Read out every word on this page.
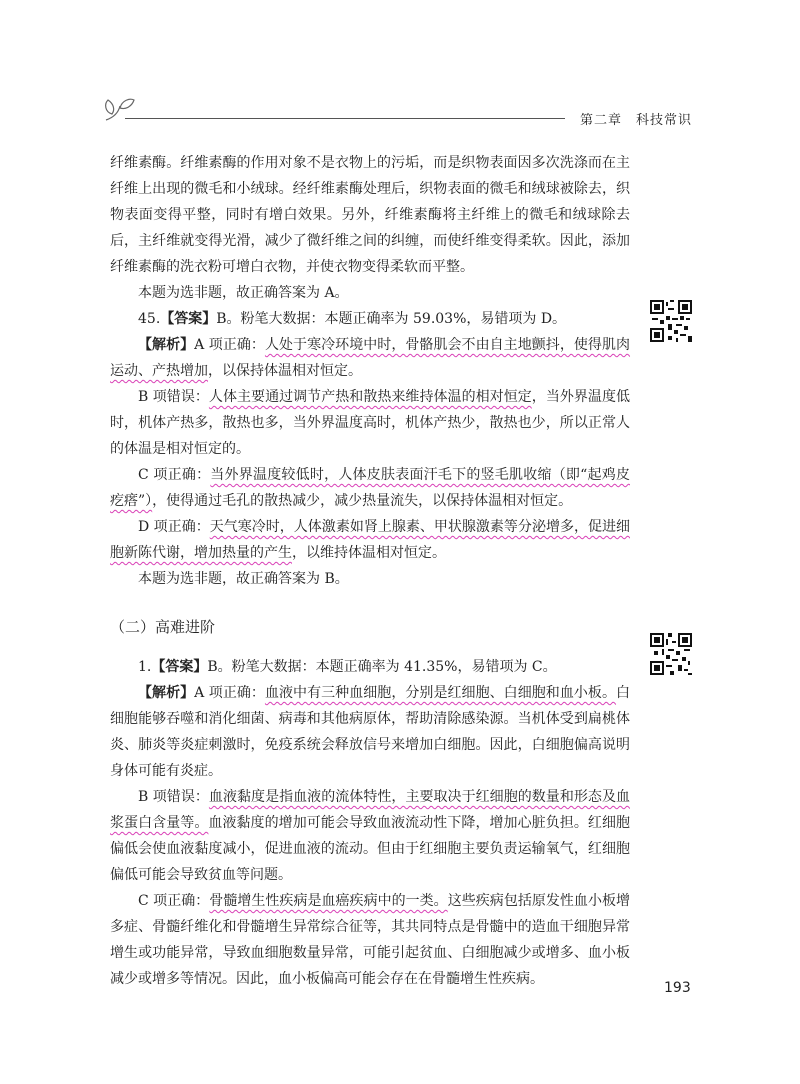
第二章 科技常识

纤维素酶。纤维素酶的作用对象不是衣物上的污垢，而是织物表面因多次洗涤而在主纤维上出现的微毛和小绒球。经纤维素酶处理后，织物表面的微毛和绒球被除去，织物表面变得平整，同时有增白效果。另外，纤维素酶将主纤维上的微毛和绒球除去后，主纤维就变得光滑，减少了微纤维之间的纠缠，而使纤维变得柔软。因此，添加纤维素酶的洗衣粉可增白衣物，并使衣物变得柔软而平整。

本题为选非题，故正确答案为 A。

45.【答案】B。粉笔大数据：本题正确率为 59.03%，易错项为 D。

【解析】A 项正确：人处于寒冷环境中时，骨骼肌会不由自主地颤抖，使得肌肉运动、产热增加，以保持体温相对恒定。

B 项错误：人体主要通过调节产热和散热来维持体温的相对恒定，当外界温度低时，机体产热多，散热也多，当外界温度高时，机体产热少，散热也少，所以正常人的体温是相对恒定的。

C 项正确：当外界温度较低时，人体皮肤表面汗毛下的竖毛肌收缩（即“起鸡皮疙瘩”），使得通过毛孔的散热减少，减少热量流失，以保持体温相对恒定。

D 项正确：天气寒冷时，人体激素如肾上腺素、甲状腺激素等分泌增多，促进细胞新陈代谢，增加热量的产生，以维持体温相对恒定。

本题为选非题，故正确答案为 B。

（二）高难进阶

1.【答案】B。粉笔大数据：本题正确率为 41.35%，易错项为 C。

【解析】A 项正确：血液中有三种血细胞，分别是红细胞、白细胞和血小板。白细胞能够吞噬和消化细菌、病毒和其他病原体，帮助清除感染源。当机体受到扁桃体炎、肺炎等炎症刺激时，免疫系统会释放信号来增加白细胞。因此，白细胞偏高说明身体可能有炎症。

B 项错误：血液黏度是指血液的流体特性，主要取决于红细胞的数量和形态及血浆蛋白含量等。血液黏度的增加可能会导致血液流动性下降，增加心脏负担。红细胞偏低会使血液黏度减小，促进血液的流动。但由于红细胞主要负责运输氧气，红细胞偏低可能会导致贫血等问题。

C 项正确：骨髓增生性疾病是血癌疾病中的一类。这些疾病包括原发性血小板增多症、骨髓纤维化和骨髓增生异常综合征等，其共同特点是骨髓中的造血干细胞异常增生或功能异常，导致血细胞数量异常，可能引起贫血、白细胞减少或增多、血小板减少或增多等情况。因此，血小板偏高可能会存在在骨髓增生性疾病。

193
